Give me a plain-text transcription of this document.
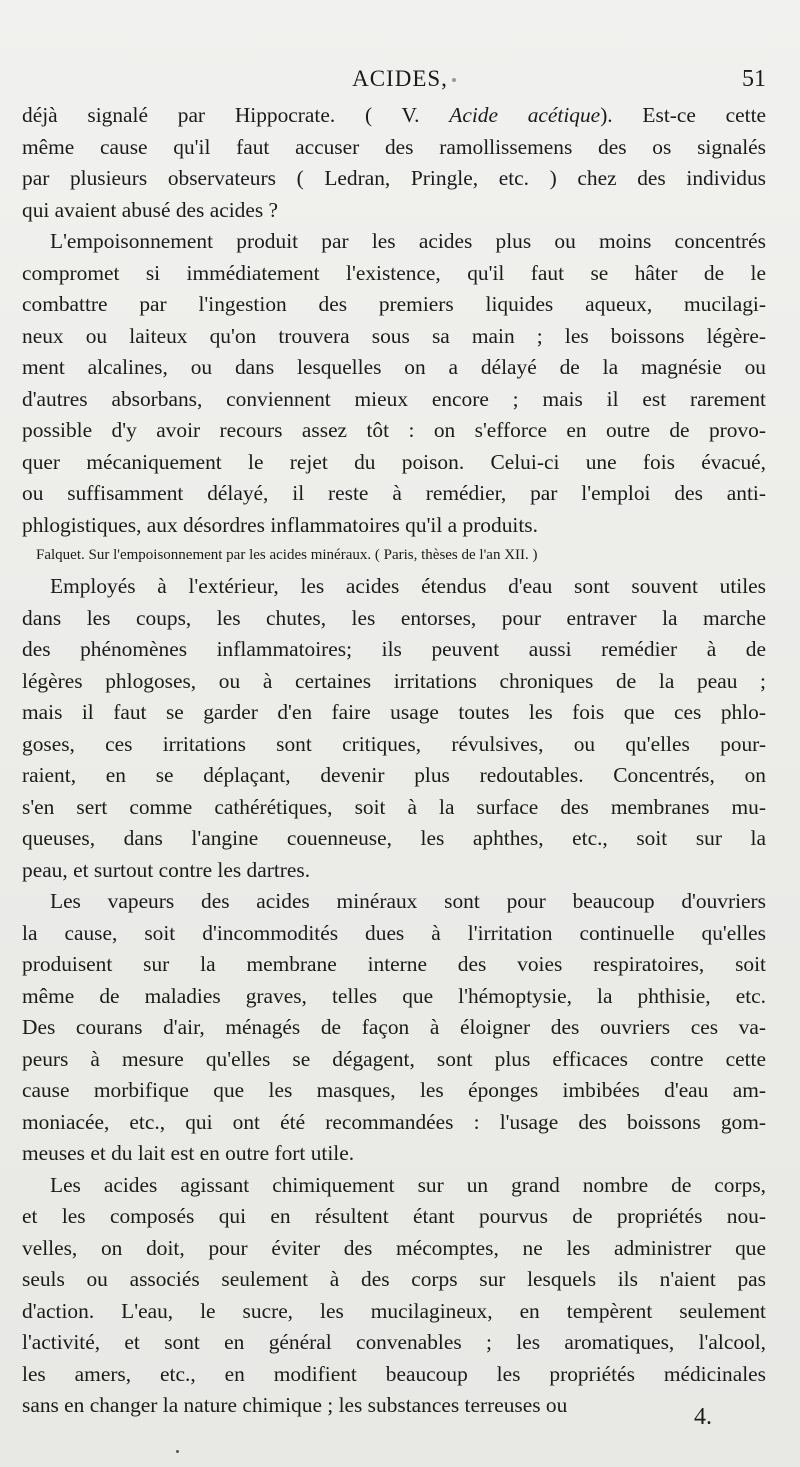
ACIDES,	51

déjà signalé par Hippocrate. ( V. Acide acétique). Est-ce cette
même cause qu'il faut accuser des ramollissemens des os signalés
par plusieurs observateurs ( Ledran, Pringle, etc. ) chez des individus
qui avaient abusé des acides ?

L'empoisonnement produit par les acides plus ou moins concentrés
compromet si immédiatement l'existence, qu'il faut se hâter de le
combattre par l'ingestion des premiers liquides aqueux, mucilagi-
neux ou laiteux qu'on trouvera sous sa main ; les boissons légère-
ment alcalines, ou dans lesquelles on a délayé de la magnésie ou
d'autres absorbans, conviennent mieux encore ; mais il est rarement
possible d'y avoir recours assez tôt : on s'efforce en outre de provo-
quer mécaniquement le rejet du poison. Celui-ci une fois évacué,
ou suffisamment délayé, il reste à remédier, par l'emploi des anti-
phlogistiques, aux désordres inflammatoires qu'il a produits.

Falquet. Sur l'empoisonnement par les acides minéraux. ( Paris, thèses de l'an XII. )

Employés à l'extérieur, les acides étendus d'eau sont souvent utiles
dans les coups, les chutes, les entorses, pour entraver la marche
des phénomènes inflammatoires; ils peuvent aussi remédier à de
légères phlogoses, ou à certaines irritations chroniques de la peau ;
mais il faut se garder d'en faire usage toutes les fois que ces phlo-
goses, ces irritations sont critiques, révulsives, ou qu'elles pour-
raient, en se déplaçant, devenir plus redoutables. Concentrés, on
s'en sert comme cathérétiques, soit à la surface des membranes mu-
queuses, dans l'angine couenneuse, les aphthes, etc., soit sur la
peau, et surtout contre les dartres.

Les vapeurs des acides minéraux sont pour beaucoup d'ouvriers
la cause, soit d'incommodités dues à l'irritation continuelle qu'elles
produisent sur la membrane interne des voies respiratoires, soit
même de maladies graves, telles que l'hémoptysie, la phthisie, etc.
Des courans d'air, ménagés de façon à éloigner des ouvriers ces va-
peurs à mesure qu'elles se dégagent, sont plus efficaces contre cette
cause morbifique que les masques, les éponges imbibées d'eau am-
moniacée, etc., qui ont été recommandées : l'usage des boissons gom-
meuses et du lait est en outre fort utile.

Les acides agissant chimiquement sur un grand nombre de corps,
et les composés qui en résultent étant pourvus de propriétés nou-
velles, on doit, pour éviter des mécomptes, ne les administrer que
seuls ou associés seulement à des corps sur lesquels ils n'aient pas
d'action. L'eau, le sucre, les mucilagineux, en tempèrent seulement
l'activité, et sont en général convenables ; les aromatiques, l'alcool,
les amers, etc., en modifient beaucoup les propriétés médicinales
sans en changer la nature chimique ; les substances terreuses ou	4.
